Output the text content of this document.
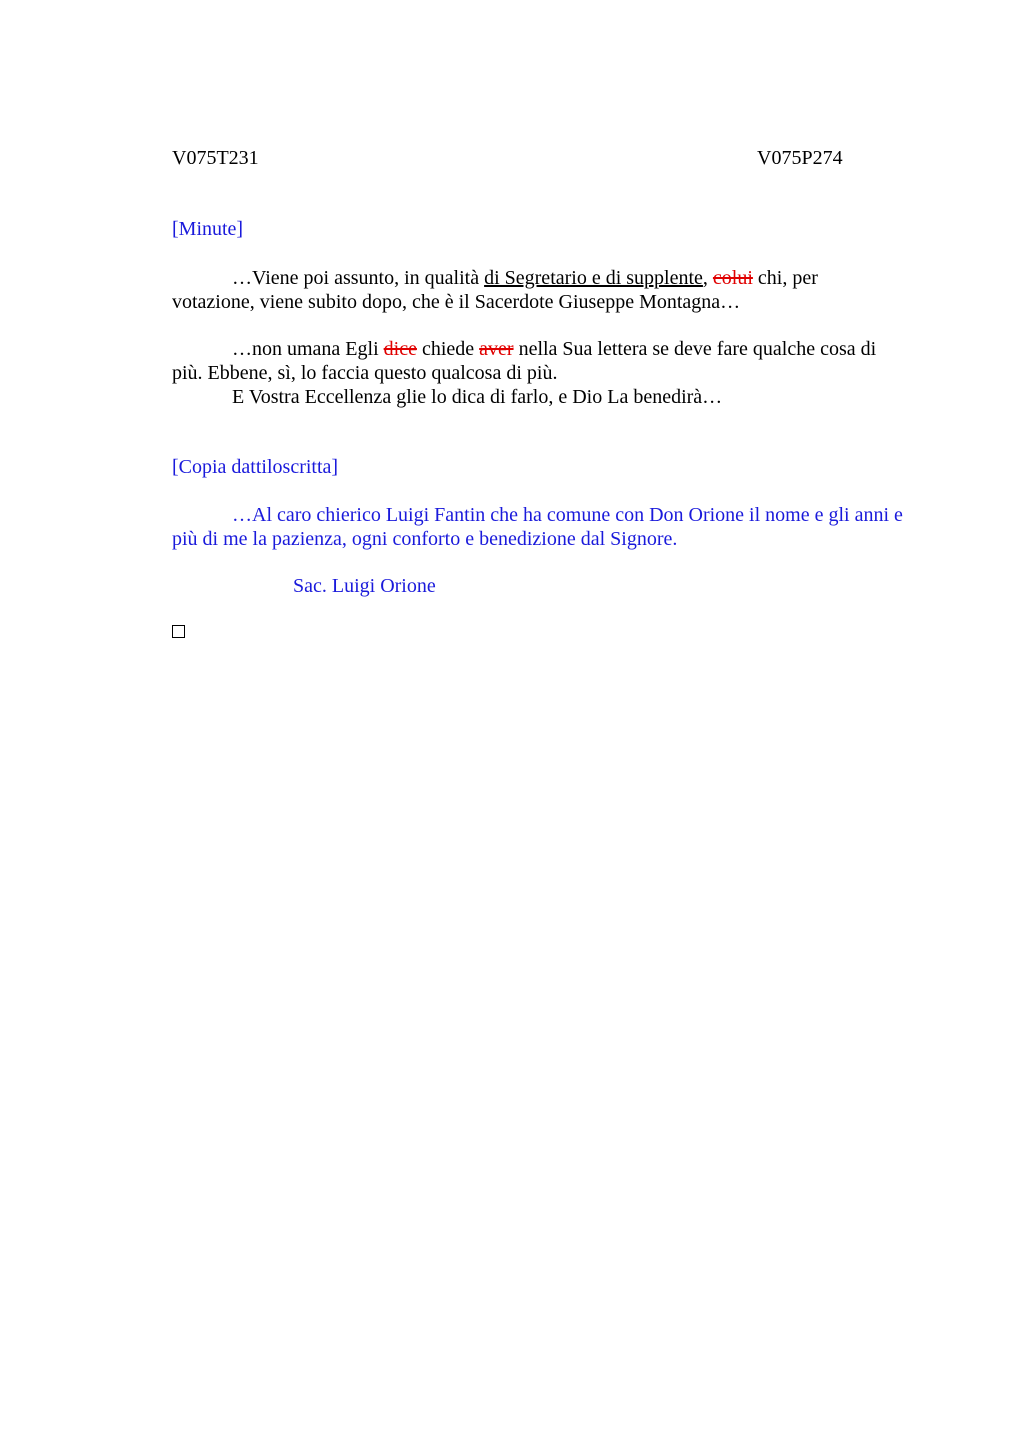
V075T231	V075P274
[Minute]
…Viene poi assunto, in qualità di Segretario e di supplente, colui chi, per
votazione, viene subito dopo, che è il Sacerdote Giuseppe Montagna…
…non umana Egli dice chiede aver nella Sua lettera se deve fare qualche cosa di
più. Ebbene, sì, lo faccia questo qualcosa di più.
E Vostra Eccellenza glie lo dica di farlo, e Dio La benedirà…
[Copia dattiloscritta]
…Al caro chierico Luigi Fantin che ha comune con Don Orione il nome e gli anni e
più di me la pazienza, ogni conforto e benedizione dal Signore.
Sac. Luigi Orione
